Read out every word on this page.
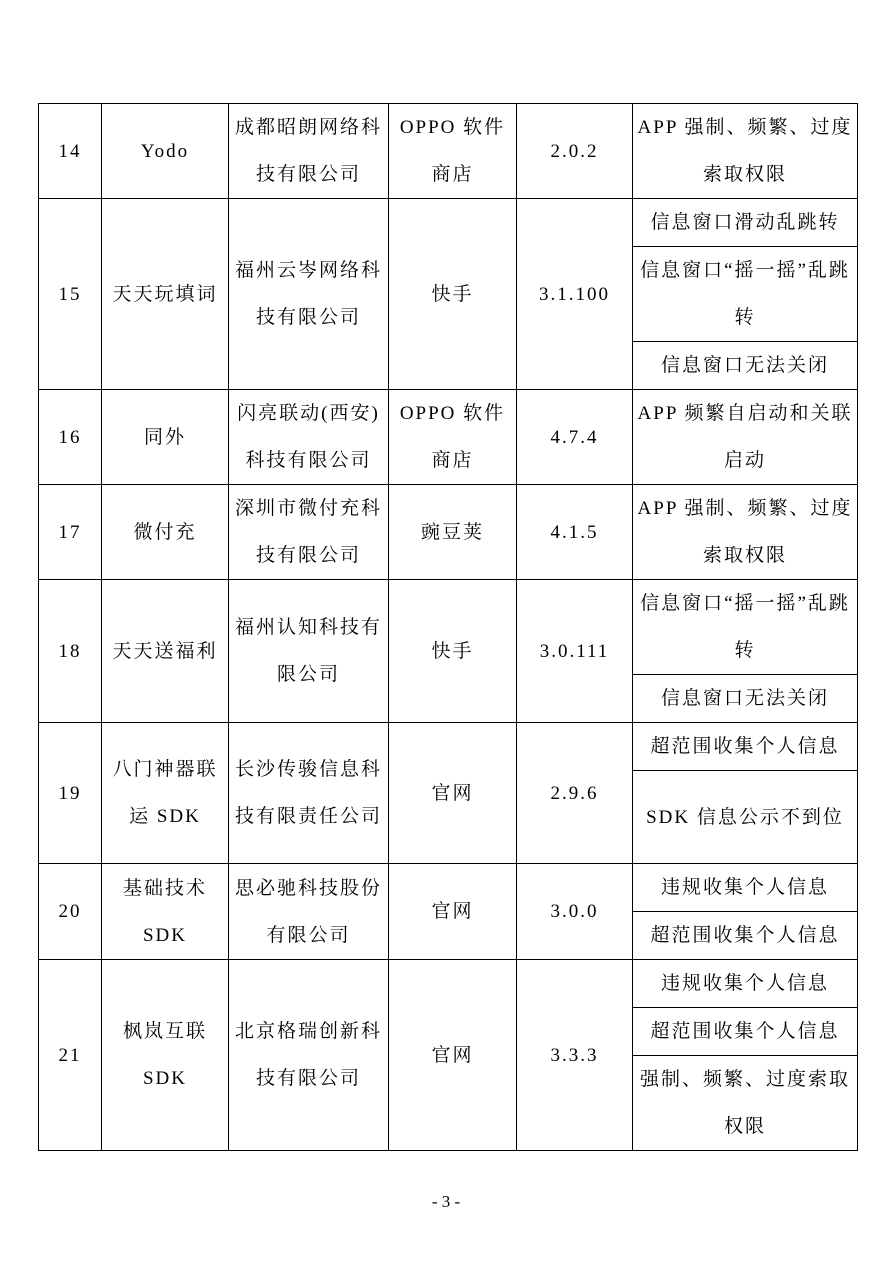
14	Yodo	成都昭朗网络科技有限公司	OPPO 软件商店	2.0.2	APP 强制、频繁、过度索取权限
15	天天玩填词	福州云岑网络科技有限公司	快手	3.1.100	信息窗口滑动乱跳转
					信息窗口“摇一摇”乱跳转
					信息窗口无法关闭
16	同外	闪亮联动(西安)科技有限公司	OPPO 软件商店	4.7.4	APP 频繁自启动和关联启动
17	微付充	深圳市微付充科技有限公司	豌豆荚	4.1.5	APP 强制、频繁、过度索取权限
18	天天送福利	福州认知科技有限公司	快手	3.0.111	信息窗口“摇一摇”乱跳转
					信息窗口无法关闭
19	八门神器联运 SDK	长沙传骏信息科技有限责任公司	官网	2.9.6	超范围收集个人信息
					SDK 信息公示不到位
20	基础技术SDK	思必驰科技股份有限公司	官网	3.0.0	违规收集个人信息
					超范围收集个人信息
21	枫岚互联SDK	北京格瑞创新科技有限公司	官网	3.3.3	违规收集个人信息
					超范围收集个人信息
					强制、频繁、过度索取权限
- 3 -
